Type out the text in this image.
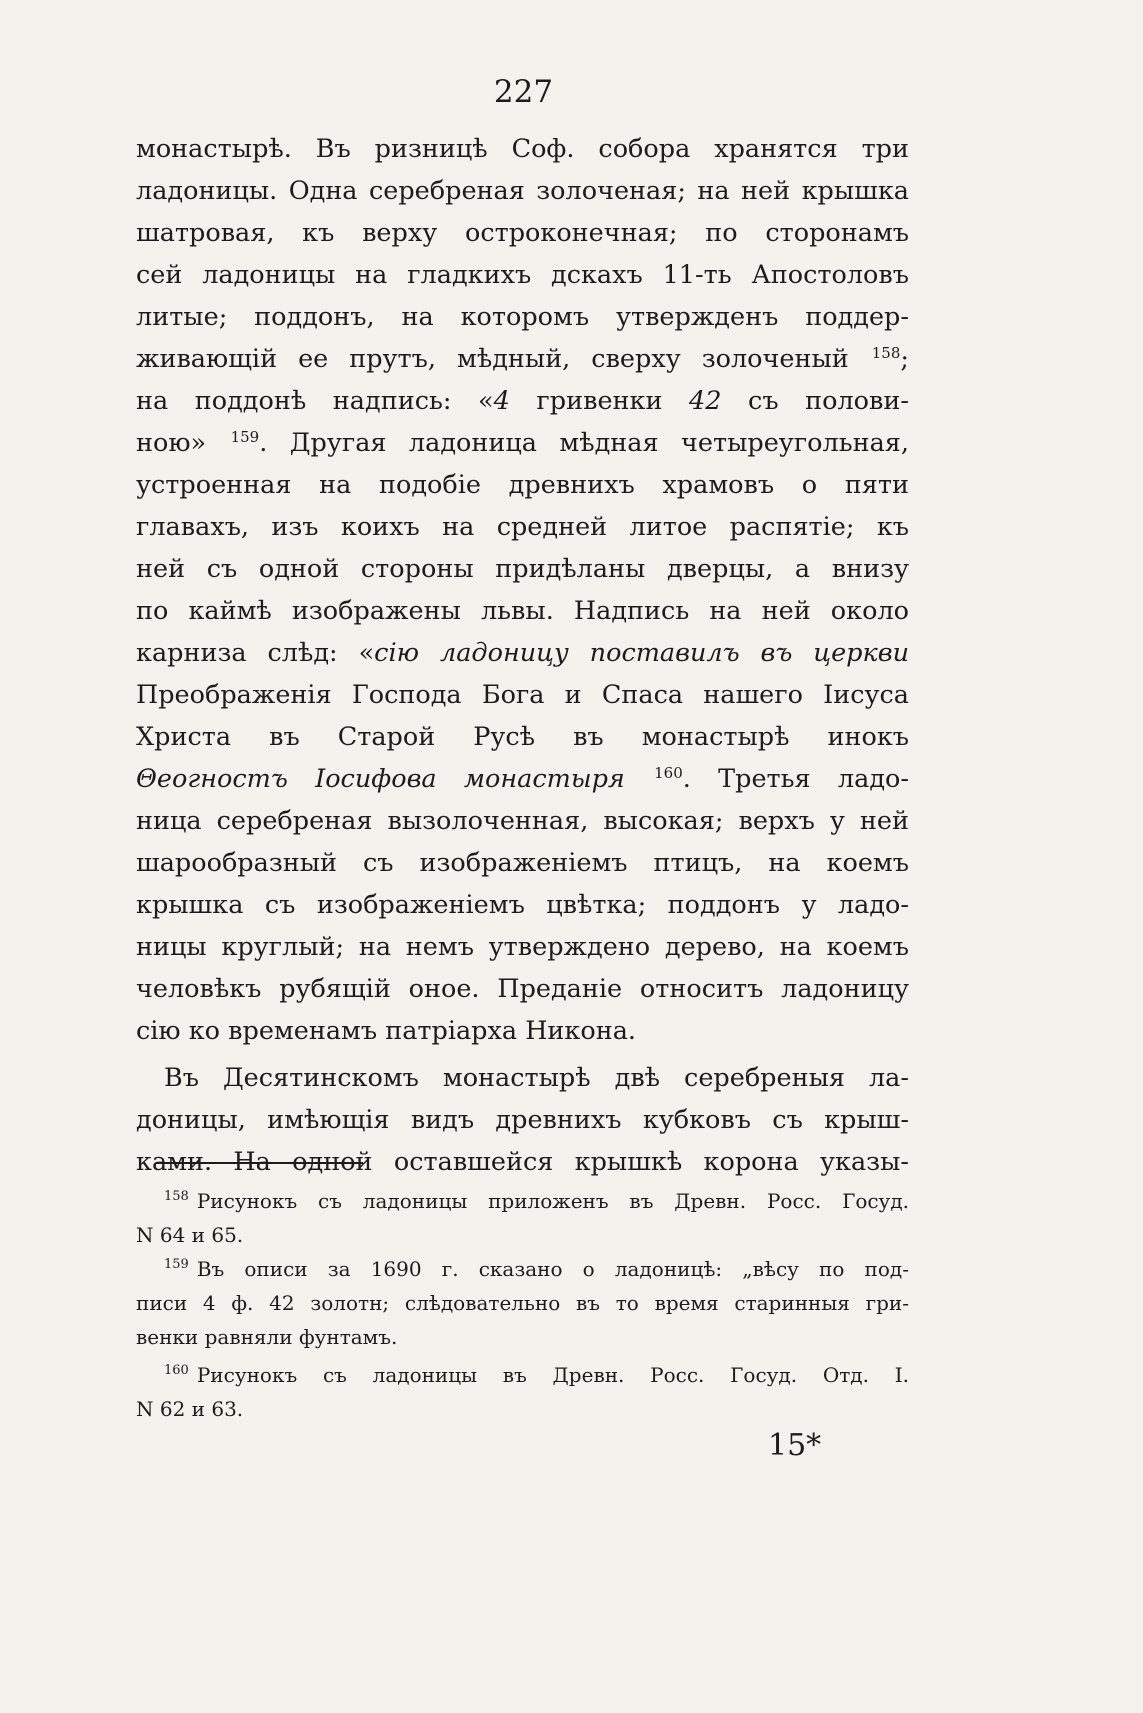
227
монастырѣ. Въ ризницѣ Соф. собора хранятся три
ладоницы. Одна серебреная золоченая; на ней крышка
шатровая, къ верху остроконечная; по сторонамъ
сей ладоницы на гладкихъ дскахъ 11-ть Апостоловъ
литые; поддонъ, на которомъ утвержденъ поддер-
живающiй ее прутъ, мѣдный, сверху золоченый $^{158}$;
на поддонѣ надпись: «4 гривенки 42 съ полови-
ною» $^{159}$. Другая ладоница мѣдная четыреугольная,
устроенная на подобiе древнихъ храмовъ о пяти
главахъ, изъ коихъ на средней литое распятiе; къ
ней съ одной стороны придѣланы дверцы, а внизу
по каймѣ изображены львы. Надпись на ней около
карниза слѣд: «сiю ладоницу поставилъ въ церкви
Преображенiя Господа Бога и Спаса нашего Iисуса
Христа въ Старой Русѣ въ монастырѣ инокъ
Θеогностъ Iосифова монастыря $^{160}$. Третья ладо-
ница серебреная вызолоченная, высокая; верхъ у ней
шарообразный съ изображенiемъ птицъ, на коемъ
крышка съ изображенiемъ цвѣтка; поддонъ у ладо-
ницы круглый; на немъ утверждено дерево, на коемъ
человѣкъ рубящiй оное. Преданiе относитъ ладоницу
сiю ко временамъ патрiарха Никона.
Въ Десятинскомъ монастырѣ двѣ серебреныя ла-
доницы, имѣющiя видъ древнихъ кубковъ съ крыш-
ками. На одной оставшейся крышкѣ корона указы-
$^{158}$ Рисунокъ съ ладоницы приложенъ въ Древн. Росс. Госуд.
N 64 и 65.
$^{159}$ Въ описи за 1690 г. сказано о ладоницѣ: „вѣсу по под-
писи 4 ф. 42 золотн; слѣдовательно въ то время старинныя гри-
венки равняли фунтамъ.
$^{160}$ Рисунокъ съ ладоницы въ Древн. Росс. Госуд. Отд. I.
N 62 и 63.
15*
